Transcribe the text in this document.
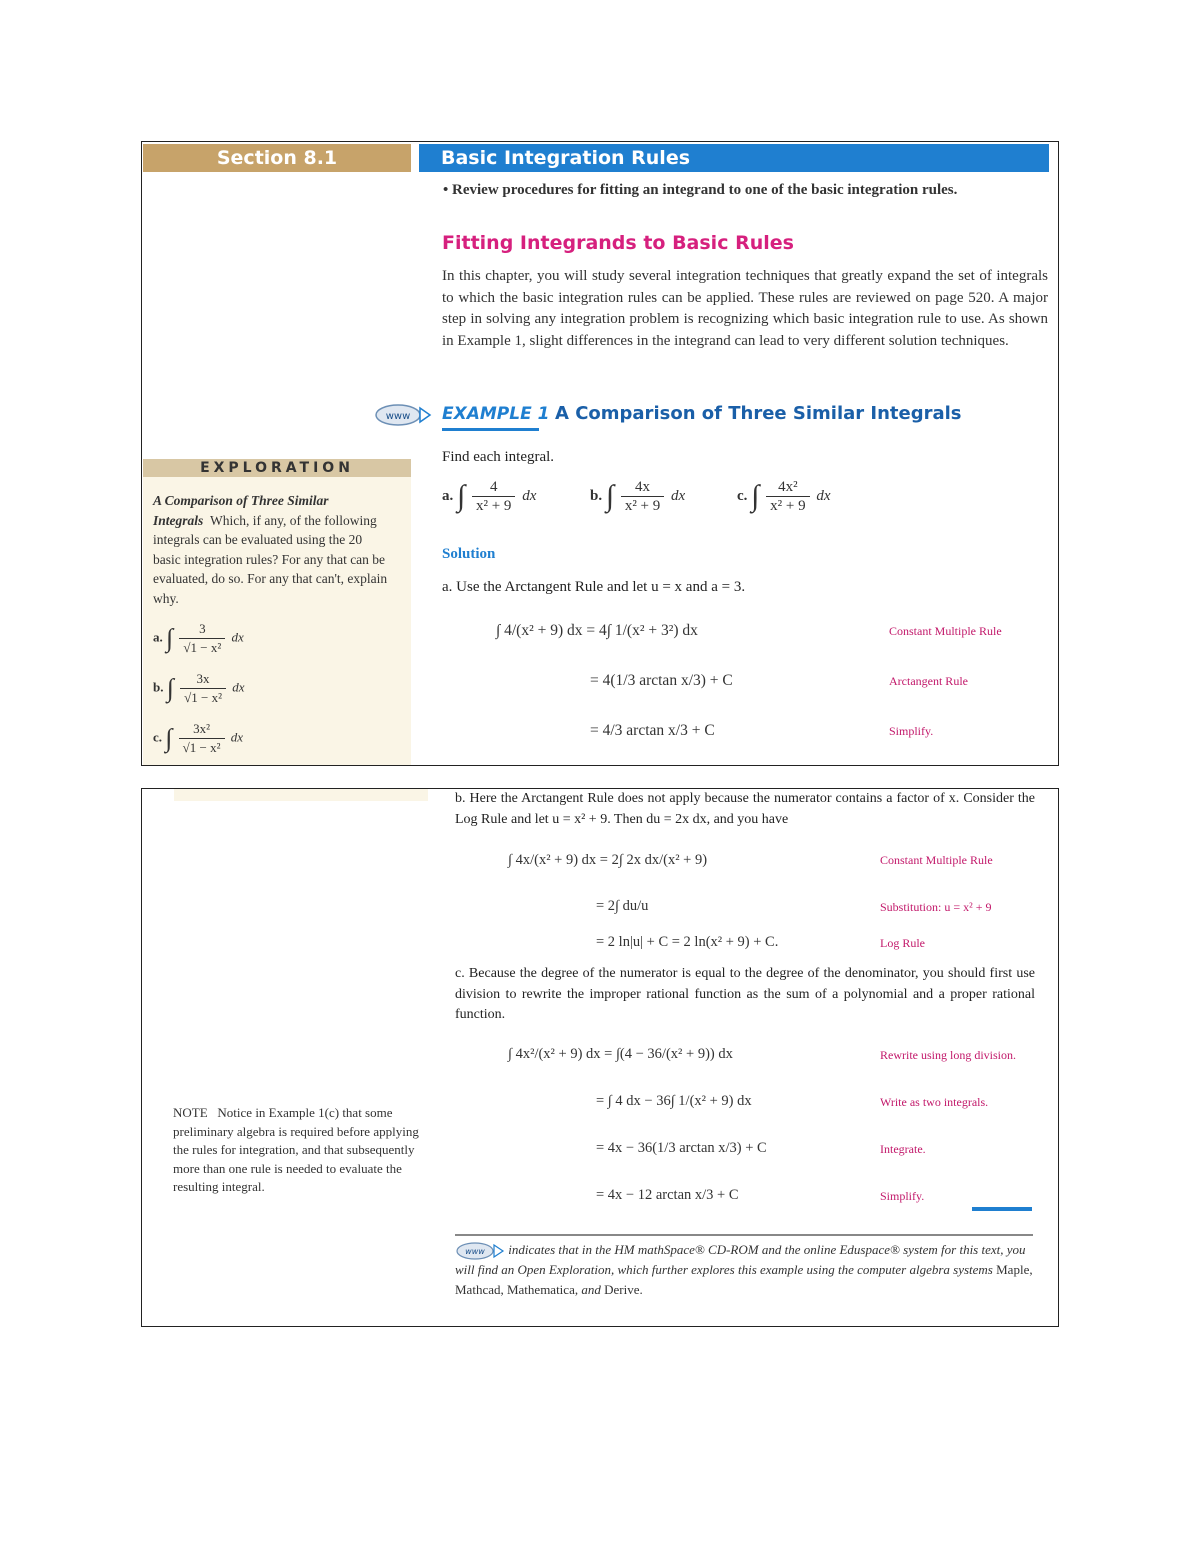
Section 8.1	Basic Integration Rules
• Review procedures for fitting an integrand to one of the basic integration rules.
Fitting Integrands to Basic Rules
In this chapter, you will study several integration techniques that greatly expand the set of integrals to which the basic integration rules can be applied. These rules are reviewed on page 520. A major step in solving any integration problem is recognizing which basic integration rule to use. As shown in Example 1, slight differences in the integrand can lead to very different solution techniques.
www EXAMPLE 1 A Comparison of Three Similar Integrals
Find each integral.
a. ∫ $\frac{4}{\text{x² + 9}}$ dx	b. ∫ $\frac{4x}{\text{x² + 9}}$ dx	c. ∫ $\frac{\text{4x²}}{\text{x² + 9}}$ dx
Solution
a. Use the Arctangent Rule and let u = x and a = 3.
∫ 4/(x² + 9) dx = 4∫ 1/(x² + 3²) dx	Constant Multiple Rule
= 4(1/3 arctan x/3) + C	Arctangent Rule
= 4/3 arctan x/3 + C	Simplify.
EXPLORATION
A Comparison of Three Similar Integrals Which, if any, of the following integrals can be evaluated using the 20 basic integration rules? For any that can be evaluated, do so. For any that can't, explain why.
a. ∫ $\frac{3}{\text{√1 − x²}}$ dx
b. ∫ $\frac{3x}{\text{√1 − x²}}$ dx
c. ∫ $\frac{\text{3x²}}{\text{√1 − x²}}$ dx
b. Here the Arctangent Rule does not apply because the numerator contains a factor of x. Consider the Log Rule and let u = x² + 9. Then du = 2x dx, and you have
∫ 4x/(x² + 9) dx = 2∫ 2x dx/(x² + 9)	Constant Multiple Rule
= 2∫ du/u	Substitution: u = x² + 9
= 2 ln|u| + C = 2 ln(x² + 9) + C.	Log Rule
c. Because the degree of the numerator is equal to the degree of the denominator, you should first use division to rewrite the improper rational function as the sum of a polynomial and a proper rational function.
∫ 4x²/(x² + 9) dx = ∫(4 − 36/(x² + 9)) dx	Rewrite using long division.
= ∫ 4 dx − 36∫ 1/(x² + 9) dx	Write as two integrals.
= 4x − 36(1/3 arctan x/3) + C	Integrate.
= 4x − 12 arctan x/3 + C	Simplify.
NOTE Notice in Example 1(c) that some preliminary algebra is required before applying the rules for integration, and that subsequently more than one rule is needed to evaluate the resulting integral.
www indicates that in the HM mathSpace® CD-ROM and the online Eduspace® system for this text, you will find an Open Exploration, which further explores this example using the computer algebra systems Maple, Mathcad, Mathematica, and Derive.
